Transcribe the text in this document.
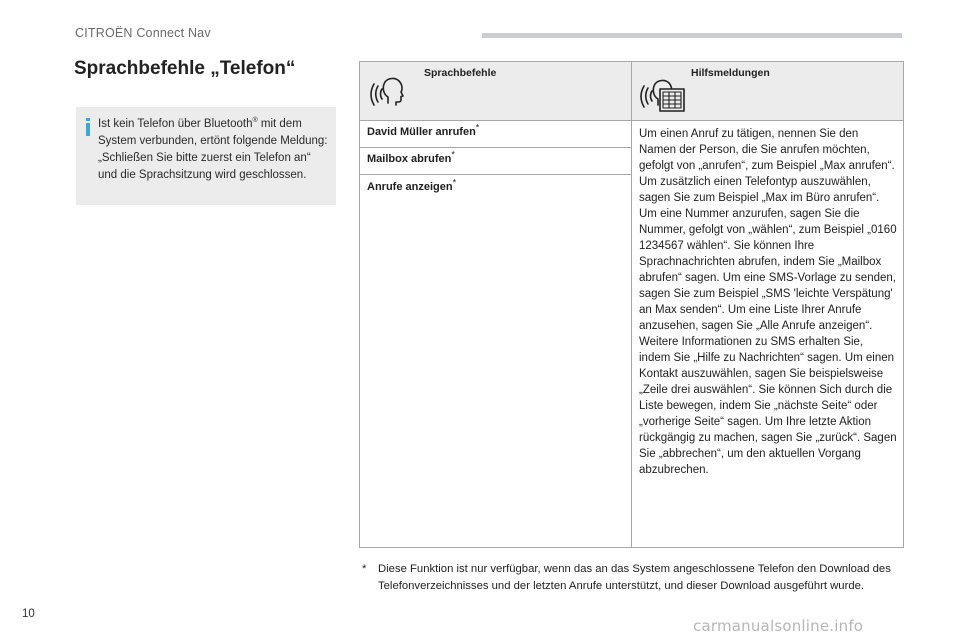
CITROËN Connect Nav
Sprachbefehle „Telefon“

Ist kein Telefon über Bluetooth® mit dem System verbunden, ertönt folgende Meldung: „Schließen Sie bitte zuerst ein Telefon an“ und die Sprachsitzung wird geschlossen.

Sprachbefehle	Hilfsmeldungen
David Müller anrufen*
Mailbox abrufen*
Anrufe anzeigen*

Um einen Anruf zu tätigen, nennen Sie den Namen der Person, die Sie anrufen möchten, gefolgt von „anrufen“, zum Beispiel „Max anrufen“. Um zusätzlich einen Telefontyp auszuwählen, sagen Sie zum Beispiel „Max im Büro anrufen“. Um eine Nummer anzurufen, sagen Sie die Nummer, gefolgt von „wählen“, zum Beispiel „0160 1234567 wählen“. Sie können Ihre Sprachnachrichten abrufen, indem Sie „Mailbox abrufen“ sagen. Um eine SMS-Vorlage zu senden, sagen Sie zum Beispiel „SMS 'leichte Verspätung' an Max senden“. Um eine Liste Ihrer Anrufe anzusehen, sagen Sie „Alle Anrufe anzeigen“. Weitere Informationen zu SMS erhalten Sie, indem Sie „Hilfe zu Nachrichten“ sagen. Um einen Kontakt auszuwählen, sagen Sie beispielsweise „Zeile drei auswählen“. Sie können Sich durch die Liste bewegen, indem Sie „nächste Seite“ oder „vorherige Seite“ sagen. Um Ihre letzte Aktion rückgängig zu machen, sagen Sie „zurück“. Sagen Sie „abbrechen“, um den aktuellen Vorgang abzubrechen.

* Diese Funktion ist nur verfügbar, wenn das an das System angeschlossene Telefon den Download des Telefonverzeichnisses und der letzten Anrufe unterstützt, und dieser Download ausgeführt wurde.
10
carmanualsonline.info
